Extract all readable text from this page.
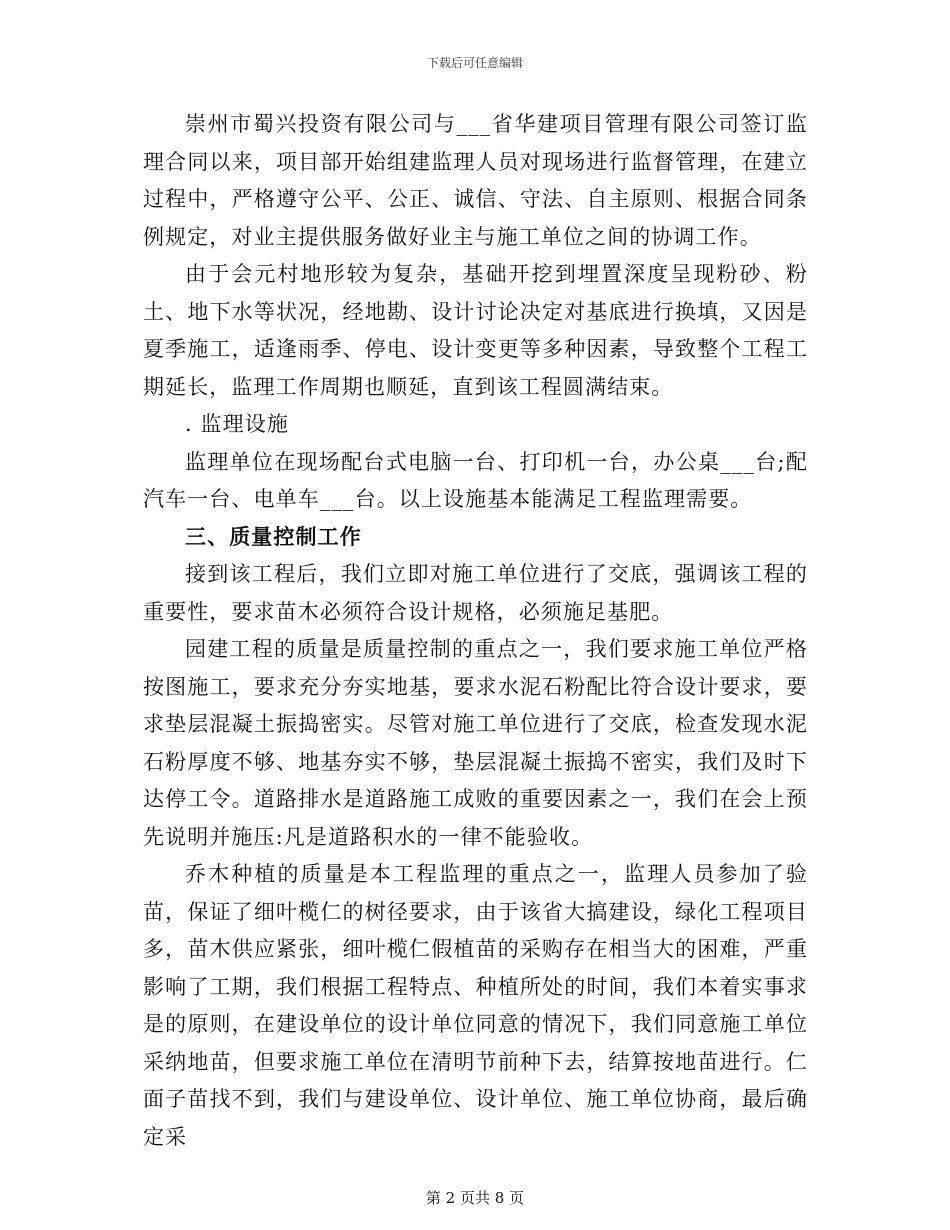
下载后可任意编辑

崇州市蜀兴投资有限公司与___省华建项目管理有限公司签订监理合同以来，项目部开始组建监理人员对现场进行监督管理，在建立过程中，严格遵守公平、公正、诚信、守法、自主原则、根据合同条例规定，对业主提供服务做好业主与施工单位之间的协调工作。

由于会元村地形较为复杂，基础开挖到埋置深度呈现粉砂、粉土、地下水等状况，经地勘、设计讨论决定对基底进行换填，又因是夏季施工，适逢雨季、停电、设计变更等多种因素，导致整个工程工期延长，监理工作周期也顺延，直到该工程圆满结束。

. 监理设施

监理单位在现场配台式电脑一台、打印机一台，办公桌___台;配汽车一台、电单车___台。以上设施基本能满足工程监理需要。

三、质量控制工作

接到该工程后，我们立即对施工单位进行了交底，强调该工程的重要性，要求苗木必须符合设计规格，必须施足基肥。

园建工程的质量是质量控制的重点之一，我们要求施工单位严格按图施工，要求充分夯实地基，要求水泥石粉配比符合设计要求，要求垫层混凝土振捣密实。尽管对施工单位进行了交底，检查发现水泥石粉厚度不够、地基夯实不够，垫层混凝土振捣不密实，我们及时下达停工令。道路排水是道路施工成败的重要因素之一，我们在会上预先说明并施压:凡是道路积水的一律不能验收。

乔木种植的质量是本工程监理的重点之一，监理人员参加了验苗，保证了细叶榄仁的树径要求，由于该省大搞建设，绿化工程项目多，苗木供应紧张，细叶榄仁假植苗的采购存在相当大的困难，严重影响了工期，我们根据工程特点、种植所处的时间，我们本着实事求是的原则，在建设单位的设计单位同意的情况下，我们同意施工单位采纳地苗，但要求施工单位在清明节前种下去，结算按地苗进行。仁面子苗找不到，我们与建设单位、设计单位、施工单位协商，最后确定采

第 2 页共 8 页
